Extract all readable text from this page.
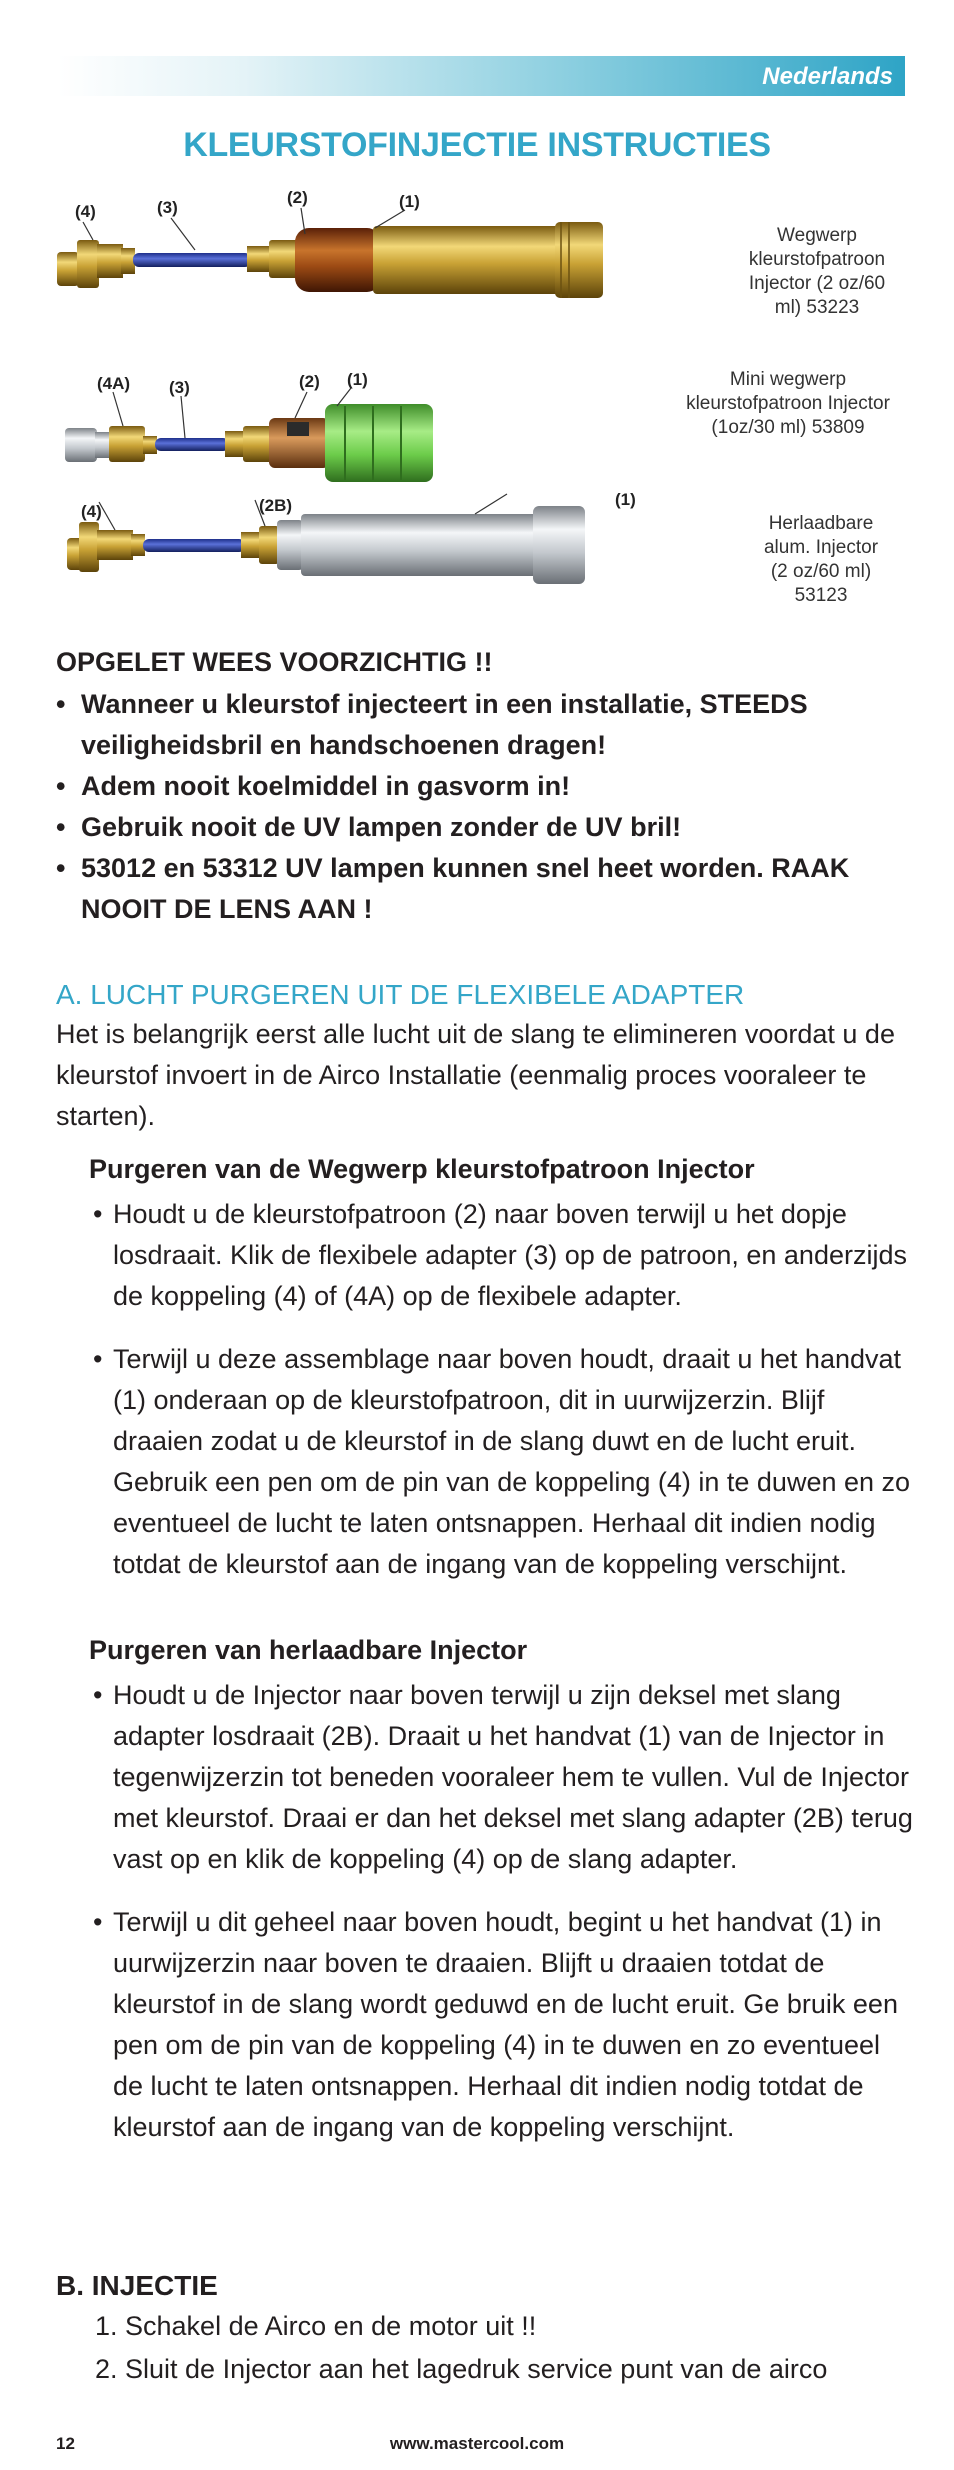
Nederlands
KLEURSTOFINJECTIE INSTRUCTIES
(4)	(3)
(2)	(1)
(4A) (3)	(2) (1)
(4)	(2B)	(1)
Wegwerp
kleurstofpatroon
Injector (2 oz/60
ml) 53223
Mini wegwerp
kleurstofpatroon Injector
(1oz/30 ml) 53809
Herlaadbare
alum. Injector
(2 oz/60 ml)
53123
OPGELET WEES VOORZICHTIG !!
• Wanneer u kleurstof injecteert in een installatie, STEEDS veiligheidsbril en handschoenen dragen!
• Adem nooit koelmiddel in gasvorm in!
• Gebruik nooit de UV lampen zonder de UV bril!
• 53012 en 53312 UV lampen kunnen snel heet worden. RAAK NOOIT DE LENS AAN !
A. LUCHT PURGEREN UIT DE FLEXIBELE ADAPTER
Het is belangrijk eerst alle lucht uit de slang te elimineren voordat u de kleurstof invoert in de Airco Installatie (eenmalig proces vooraleer te starten).
Purgeren van de Wegwerp kleurstofpatroon Injector
• Houdt u de kleurstofpatroon (2) naar boven terwijl u het dopje losdraait. Klik de flexibele adapter (3) op de patroon, en anderzijds de koppeling (4) of (4A) op de flexibele adapter.
• Terwijl u deze assemblage naar boven houdt, draait u het handvat (1) onderaan op de kleurstofpatroon, dit in uurwijzerzin. Blijf draaien zodat u de kleurstof in de slang duwt en de lucht eruit. Gebruik een pen om de pin van de koppeling (4) in te duwen en zo eventueel de lucht te laten ontsnappen. Herhaal dit indien nodig totdat de kleurstof aan de ingang van de koppeling verschijnt.
Purgeren van herlaadbare Injector
• Houdt u de Injector naar boven terwijl u zijn deksel met slang adapter losdraait (2B). Draait u het handvat (1) van de Injector in tegenwijzerzin tot beneden vooraleer hem te vullen. Vul de Injector met kleurstof. Draai er dan het deksel met slang adapter (2B) terug vast op en klik de koppeling (4) op de slang adapter.
• Terwijl u dit geheel naar boven houdt, begint u het handvat (1) in uurwijzerzin naar boven te draaien. Blijft u draaien totdat de kleurstof in de slang wordt geduwd en de lucht eruit. Ge bruik een pen om de pin van de koppeling (4) in te duwen en zo eventueel de lucht te laten ontsnappen. Herhaal dit indien nodig totdat de kleurstof aan de ingang van de koppeling verschijnt.
B. INJECTIE
1. Schakel de Airco en de motor uit !!
2. Sluit de Injector aan het lagedruk service punt van de airco
12	www.mastercool.com
